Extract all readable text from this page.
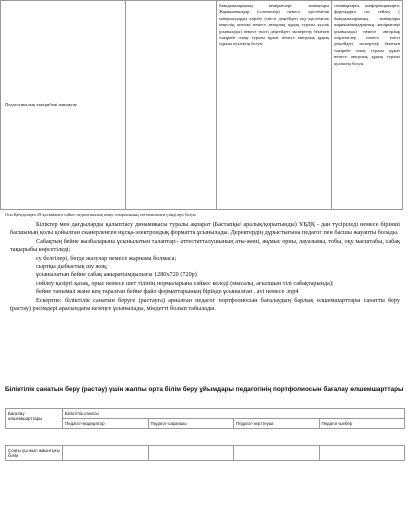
Педагогикалық тәжірибені жинақтау		баяндамаларының кешірмелері, жинақтары Жарияланымдар (сілтемелер) немесе әдістемелік материалдарды әзірлеу (тиісті деңгейдегі оқу-әдістемелік кеңестің шешімі немесе авторлық құқық туралы куәлік ұсынылады) немесе тиісті деңгейдегі эксперттер бекіткен тәжірибе сипау туралы құжат немесе авторлық құқық туралы куәліктің болуы	семинарларға, конференцияларға, форумдарға сөз сөйлеу ( баяндамаларының, жинақтары жарияланымдарының кешірмелері ұсынылады) немесе авторлық әзірлемелер немесе тиісті деңгейдегі эксперттер бекіткен тәжірибе сипау туралы құжат немесе авторлық құқық туралы куәліктің болуы
Осы Қағидаларға 29-қосымшаға сәйкес педагогикалық кеңес отырысының хаттамасымен үзінділері болуы

Біліктер мен дағдыларды қалыптасу динамикасы туралы ақпарат (Бастапқы/ аралық/қорытынды) ҰБДҚ - дан түсіріледі немесе бірінші басшының қолы қойылған сканерленген нұсқа-электрондық форматта ұсынылады. Деректердің дұрыстығына педагог пен басшы жауапты болады.

Сабақтың бейне жазбаларына ұсынылатын талаптар:- аттестатталушының аты-жөні, жұмыс орны, лауазымы, тобы, оқу масштабы, сабақ тақырыбы көрсетіледі;

су белгілері, бөгде жазулар немесе жарнама болмаса;

сыртқы дыбыстық шу жоқ;

ұсынылатын бейне сабақ ажыратымдылығы 1280x720 (720p)

сөйлеу қазіргі қазақ, орыс немесе шет тілінің нормаларына сәйкес келеді (мысалы, ағылшын тілі сабақтарында);

бейне танымал және кең таралған бейне файл форматтарының бірінде ұсынылған . avi немесе .mp4

Ескертпе: біліктілік санатын беруге (растауға) арналған педагог портфолиосын бағалаудың барлық өлшемшарттары санатты беру (растау) рәсімдері арасындағы кезеңге ұсынылады, міндетті болып табылады.

Біліктілік санатын беру (растау) үшін жалпы орта білім беру ұйымдары педагогінің портфолиосын бағалау өлшемшарттары
Бағалау өлшемшарттары	Біліктілік санаты			
	Педагог-модератор	Педагог-сарапшы	Педагог-зерттеуші	Педагог-шебер

Соңғы үш жыл жиынтығы білім				
